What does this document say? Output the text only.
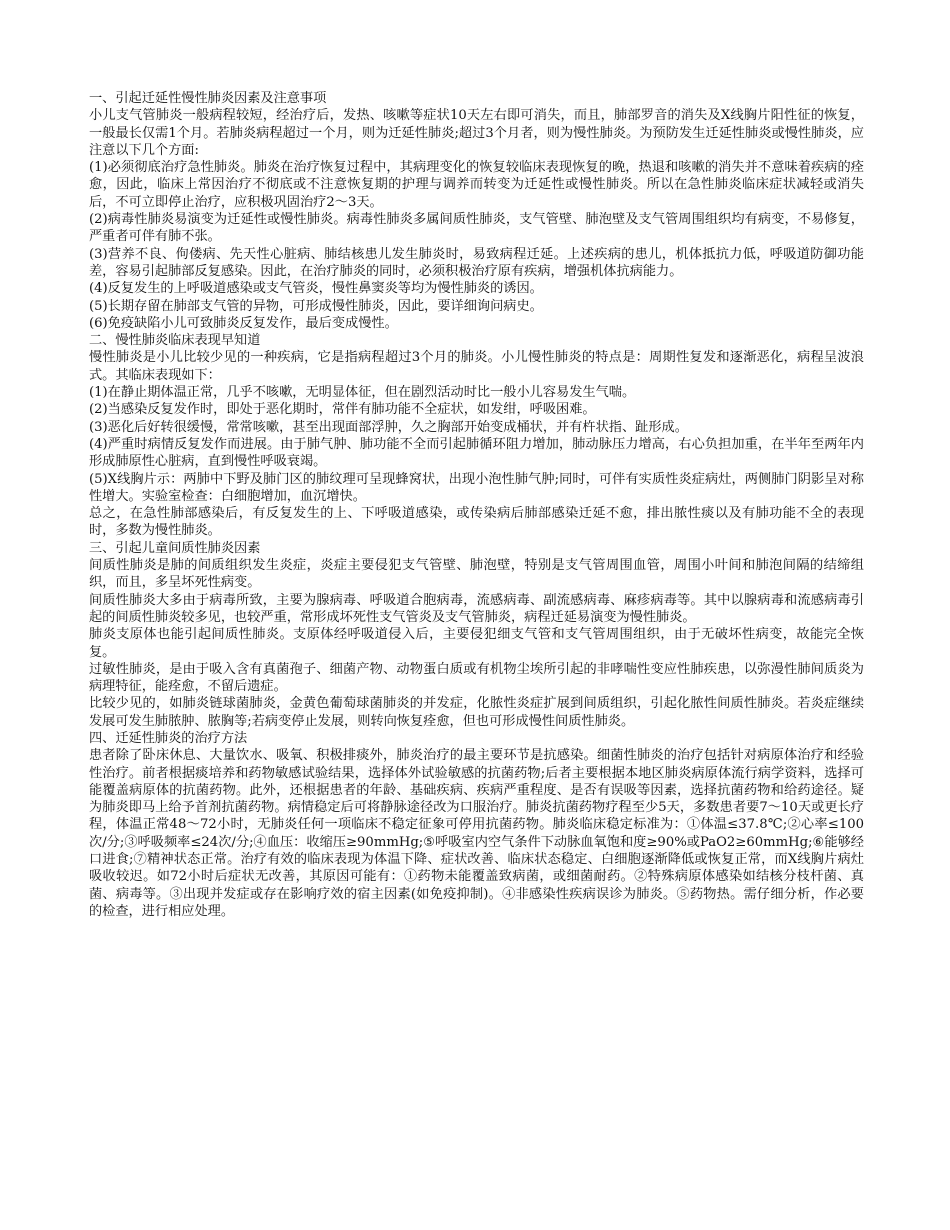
一、引起迁延性慢性肺炎因素及注意事项

小儿支气管肺炎一般病程较短，经治疗后，发热、咳嗽等症状10天左右即可消失，而且，肺部罗音的消失及X线胸片阳性征的恢复，一般最长仅需1个月。若肺炎病程超过一个月，则为迁延性肺炎;超过3个月者，则为慢性肺炎。为预防发生迁延性肺炎或慢性肺炎，应注意以下几个方面:

(1)必须彻底治疗急性肺炎。肺炎在治疗恢复过程中，其病理变化的恢复较临床表现恢复的晚，热退和咳嗽的消失并不意味着疾病的痊愈，因此，临床上常因治疗不彻底或不注意恢复期的护理与调养而转变为迁延性或慢性肺炎。所以在急性肺炎临床症状减轻或消失后，不可立即停止治疗，应积极巩固治疗2～3天。

(2)病毒性肺炎易演变为迁延性或慢性肺炎。病毒性肺炎多属间质性肺炎，支气管壁、肺泡壁及支气管周围组织均有病变，不易修复，严重者可伴有肺不张。

(3)营养不良、佝偻病、先天性心脏病、肺结核患儿发生肺炎时，易致病程迁延。上述疾病的患儿，机体抵抗力低，呼吸道防御功能差，容易引起肺部反复感染。因此，在治疗肺炎的同时，必须积极治疗原有疾病，增强机体抗病能力。

(4)反复发生的上呼吸道感染或支气管炎，慢性鼻窦炎等均为慢性肺炎的诱因。

(5)长期存留在肺部支气管的异物，可形成慢性肺炎，因此，要详细询问病史。

(6)免疫缺陷小儿可致肺炎反复发作，最后变成慢性。

二、慢性肺炎临床表现早知道

慢性肺炎是小儿比较少见的一种疾病，它是指病程超过3个月的肺炎。小儿慢性肺炎的特点是：周期性复发和逐渐恶化，病程呈波浪式。其临床表现如下：

(1)在静止期体温正常，几乎不咳嗽，无明显体征，但在剧烈活动时比一般小儿容易发生气喘。

(2)当感染反复发作时，即处于恶化期时，常伴有肺功能不全症状，如发绀，呼吸困难。

(3)恶化后好转很缓慢，常常咳嗽，甚至出现面部浮肿，久之胸部开始变成桶状，并有杵状指、趾形成。

(4)严重时病情反复发作而进展。由于肺气肿、肺功能不全而引起肺循环阻力增加，肺动脉压力增高，右心负担加重，在半年至两年内形成肺原性心脏病，直到慢性呼吸衰竭。

(5)X线胸片示：两肺中下野及肺门区的肺纹理可呈现蜂窝状，出现小泡性肺气肿;同时，可伴有实质性炎症病灶，两侧肺门阴影呈对称性增大。实验室检查：白细胞增加，血沉增快。

总之，在急性肺部感染后，有反复发生的上、下呼吸道感染，或传染病后肺部感染迁延不愈，排出脓性痰以及有肺功能不全的表现时，多数为慢性肺炎。

三、引起儿童间质性肺炎因素

间质性肺炎是肺的间质组织发生炎症，炎症主要侵犯支气管壁、肺泡壁，特别是支气管周围血管，周围小叶间和肺泡间隔的结缔组织，而且，多呈坏死性病变。

间质性肺炎大多由于病毒所致，主要为腺病毒、呼吸道合胞病毒，流感病毒、副流感病毒、麻疹病毒等。其中以腺病毒和流感病毒引起的间质性肺炎较多见，也较严重，常形成坏死性支气管炎及支气管肺炎，病程迁延易演变为慢性肺炎。

肺炎支原体也能引起间质性肺炎。支原体经呼吸道侵入后，主要侵犯细支气管和支气管周围组织，由于无破坏性病变，故能完全恢复。

过敏性肺炎，是由于吸入含有真菌孢子、细菌产物、动物蛋白质或有机物尘埃所引起的非哮喘性变应性肺疾患，以弥漫性肺间质炎为病理特征，能痊愈，不留后遗症。

比较少见的，如肺炎链球菌肺炎，金黄色葡萄球菌肺炎的并发症，化脓性炎症扩展到间质组织，引起化脓性间质性肺炎。若炎症继续发展可发生肺脓肿、脓胸等;若病变停止发展，则转向恢复痊愈，但也可形成慢性间质性肺炎。

四、迁延性肺炎的治疗方法

患者除了卧床休息、大量饮水、吸氧、积极排痰外，肺炎治疗的最主要环节是抗感染。细菌性肺炎的治疗包括针对病原体治疗和经验性治疗。前者根据痰培养和药物敏感试验结果，选择体外试验敏感的抗菌药物;后者主要根据本地区肺炎病原体流行病学资料，选择可能覆盖病原体的抗菌药物。此外，还根据患者的年龄、基础疾病、疾病严重程度、是否有误吸等因素，选择抗菌药物和给药途径。疑为肺炎即马上给予首剂抗菌药物。病情稳定后可将静脉途径改为口服治疗。肺炎抗菌药物疗程至少5天，多数患者要7～10天或更长疗程，体温正常48～72小时，无肺炎任何一项临床不稳定征象可停用抗菌药物。肺炎临床稳定标准为：①体温≤37.8℃;②心率≤100次/分;③呼吸频率≤24次/分;④血压：收缩压≥90mmHg;⑤呼吸室内空气条件下动脉血氧饱和度≥90%或PaO2≥60mmHg;⑥能够经口进食;⑦精神状态正常。治疗有效的临床表现为体温下降、症状改善、临床状态稳定、白细胞逐渐降低或恢复正常，而X线胸片病灶吸收较迟。如72小时后症状无改善，其原因可能有：①药物未能覆盖致病菌，或细菌耐药。②特殊病原体感染如结核分枝杆菌、真菌、病毒等。③出现并发症或存在影响疗效的宿主因素(如免疫抑制)。④非感染性疾病误诊为肺炎。⑤药物热。需仔细分析，作必要的检查，进行相应处理。
